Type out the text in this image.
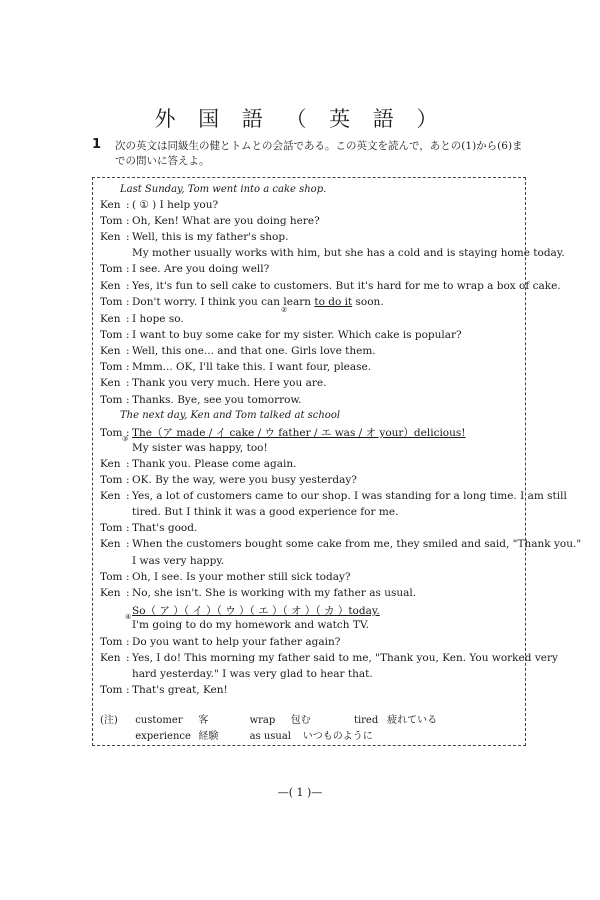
外 国 語 （ 英 語 ）
1 次の英文は同級生の健とトムとの会話である。この英文を読んで，あとの(1)から(6)までの問いに答えよ。
Last Sunday, Tom went into a cake shop.
Ken : ( ① ) I help you?
Tom : Oh, Ken! What are you doing here?
Ken : Well, this is my father's shop.
My mother usually works with him, but she has a cold and is staying home today.
Tom : I see. Are you doing well?
Ken : Yes, it's fun to sell cake to customers. But it's hard for me to wrap a box of cake.
Tom : Don't worry. I think you can learn to do it soon.
②
Ken : I hope so.
Tom : I want to buy some cake for my sister. Which cake is popular?
Ken : Well, this one... and that one. Girls love them.
Tom : Mmm... OK, I'll take this. I want four, please.
Ken : Thank you very much. Here you are.
Tom : Thanks. Bye, see you tomorrow.
The next day, Ken and Tom talked at school
Tom : The（ア made / イ cake / ウ father / エ was / オ your）delicious!
③
My sister was happy, too!
Ken : Thank you. Please come again.
Tom : OK. By the way, were you busy yesterday?
Ken : Yes, a lot of customers came to our shop. I was standing for a long time. I am still
tired. But I think it was a good experience for me.
Tom : That's good.
Ken : When the customers bought some cake from me, they smiled and said, "Thank you."
I was very happy.
Tom : Oh, I see. Is your mother still sick today?
Ken : No, she isn't. She is working with my father as usual.
So（ ア ）（ イ ）（ ウ ）（ エ ）（ オ ）（ カ ）today.
④
I'm going to do my homework and watch TV.
Tom : Do you want to help your father again?
Ken : Yes, I do! This morning my father said to me, "Thank you, Ken. You worked very
hard yesterday." I was very glad to hear that.
Tom : That's great, Ken!
(注) customer 客	wrap 包む	tired 疲れている
experience 経験	as usual いつものように
—( 1 )—
